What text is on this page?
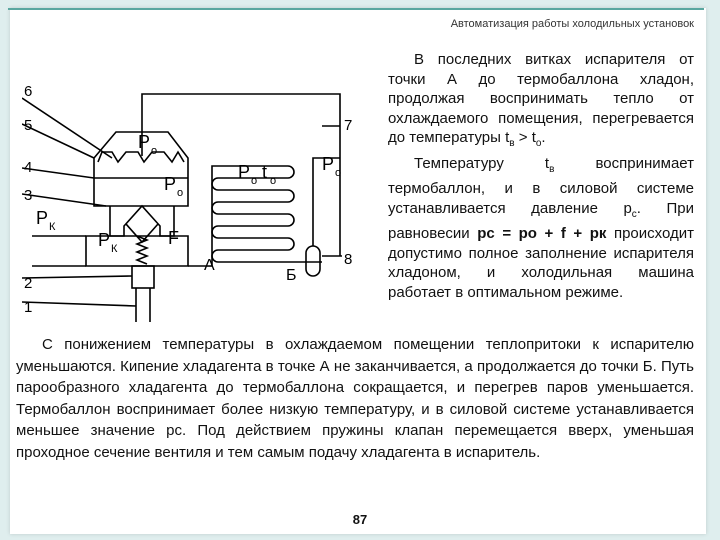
Автоматизация работы холодильных установок
6
5
4
3
2
1
7
8
P o
P o
P К
P К
F
P o t o
P o
А
Б

В последних витках испарителя от точки А до термобаллона хладон, продолжая воспринимать тепло от охлаждаемого помещения, перегревается до температуры $t_в > t_о$.

Температуру $t_в$ воспринимает термобаллон, и в силовой системе устанавливается давление $p_с$. При равновесии pс = pо + f + pк происходит допустимо полное заполнение испарителя хладоном, и холодильная машина работает в оптимальном режиме.

С понижением температуры в охлаждаемом помещении теплопритоки к испарителю уменьшаются. Кипение хладагента в точке А не заканчивается, а продолжается до точки Б. Путь парообразного хладагента до термобаллона сокращается, и перегрев паров уменьшается. Термобаллон воспринимает более низкую температуру, и в силовой системе устанавливается меньшее значение pс. Под действием пружины клапан перемещается вверх, уменьшая проходное сечение вентиля и тем самым подачу хладагента в испаритель.

87
